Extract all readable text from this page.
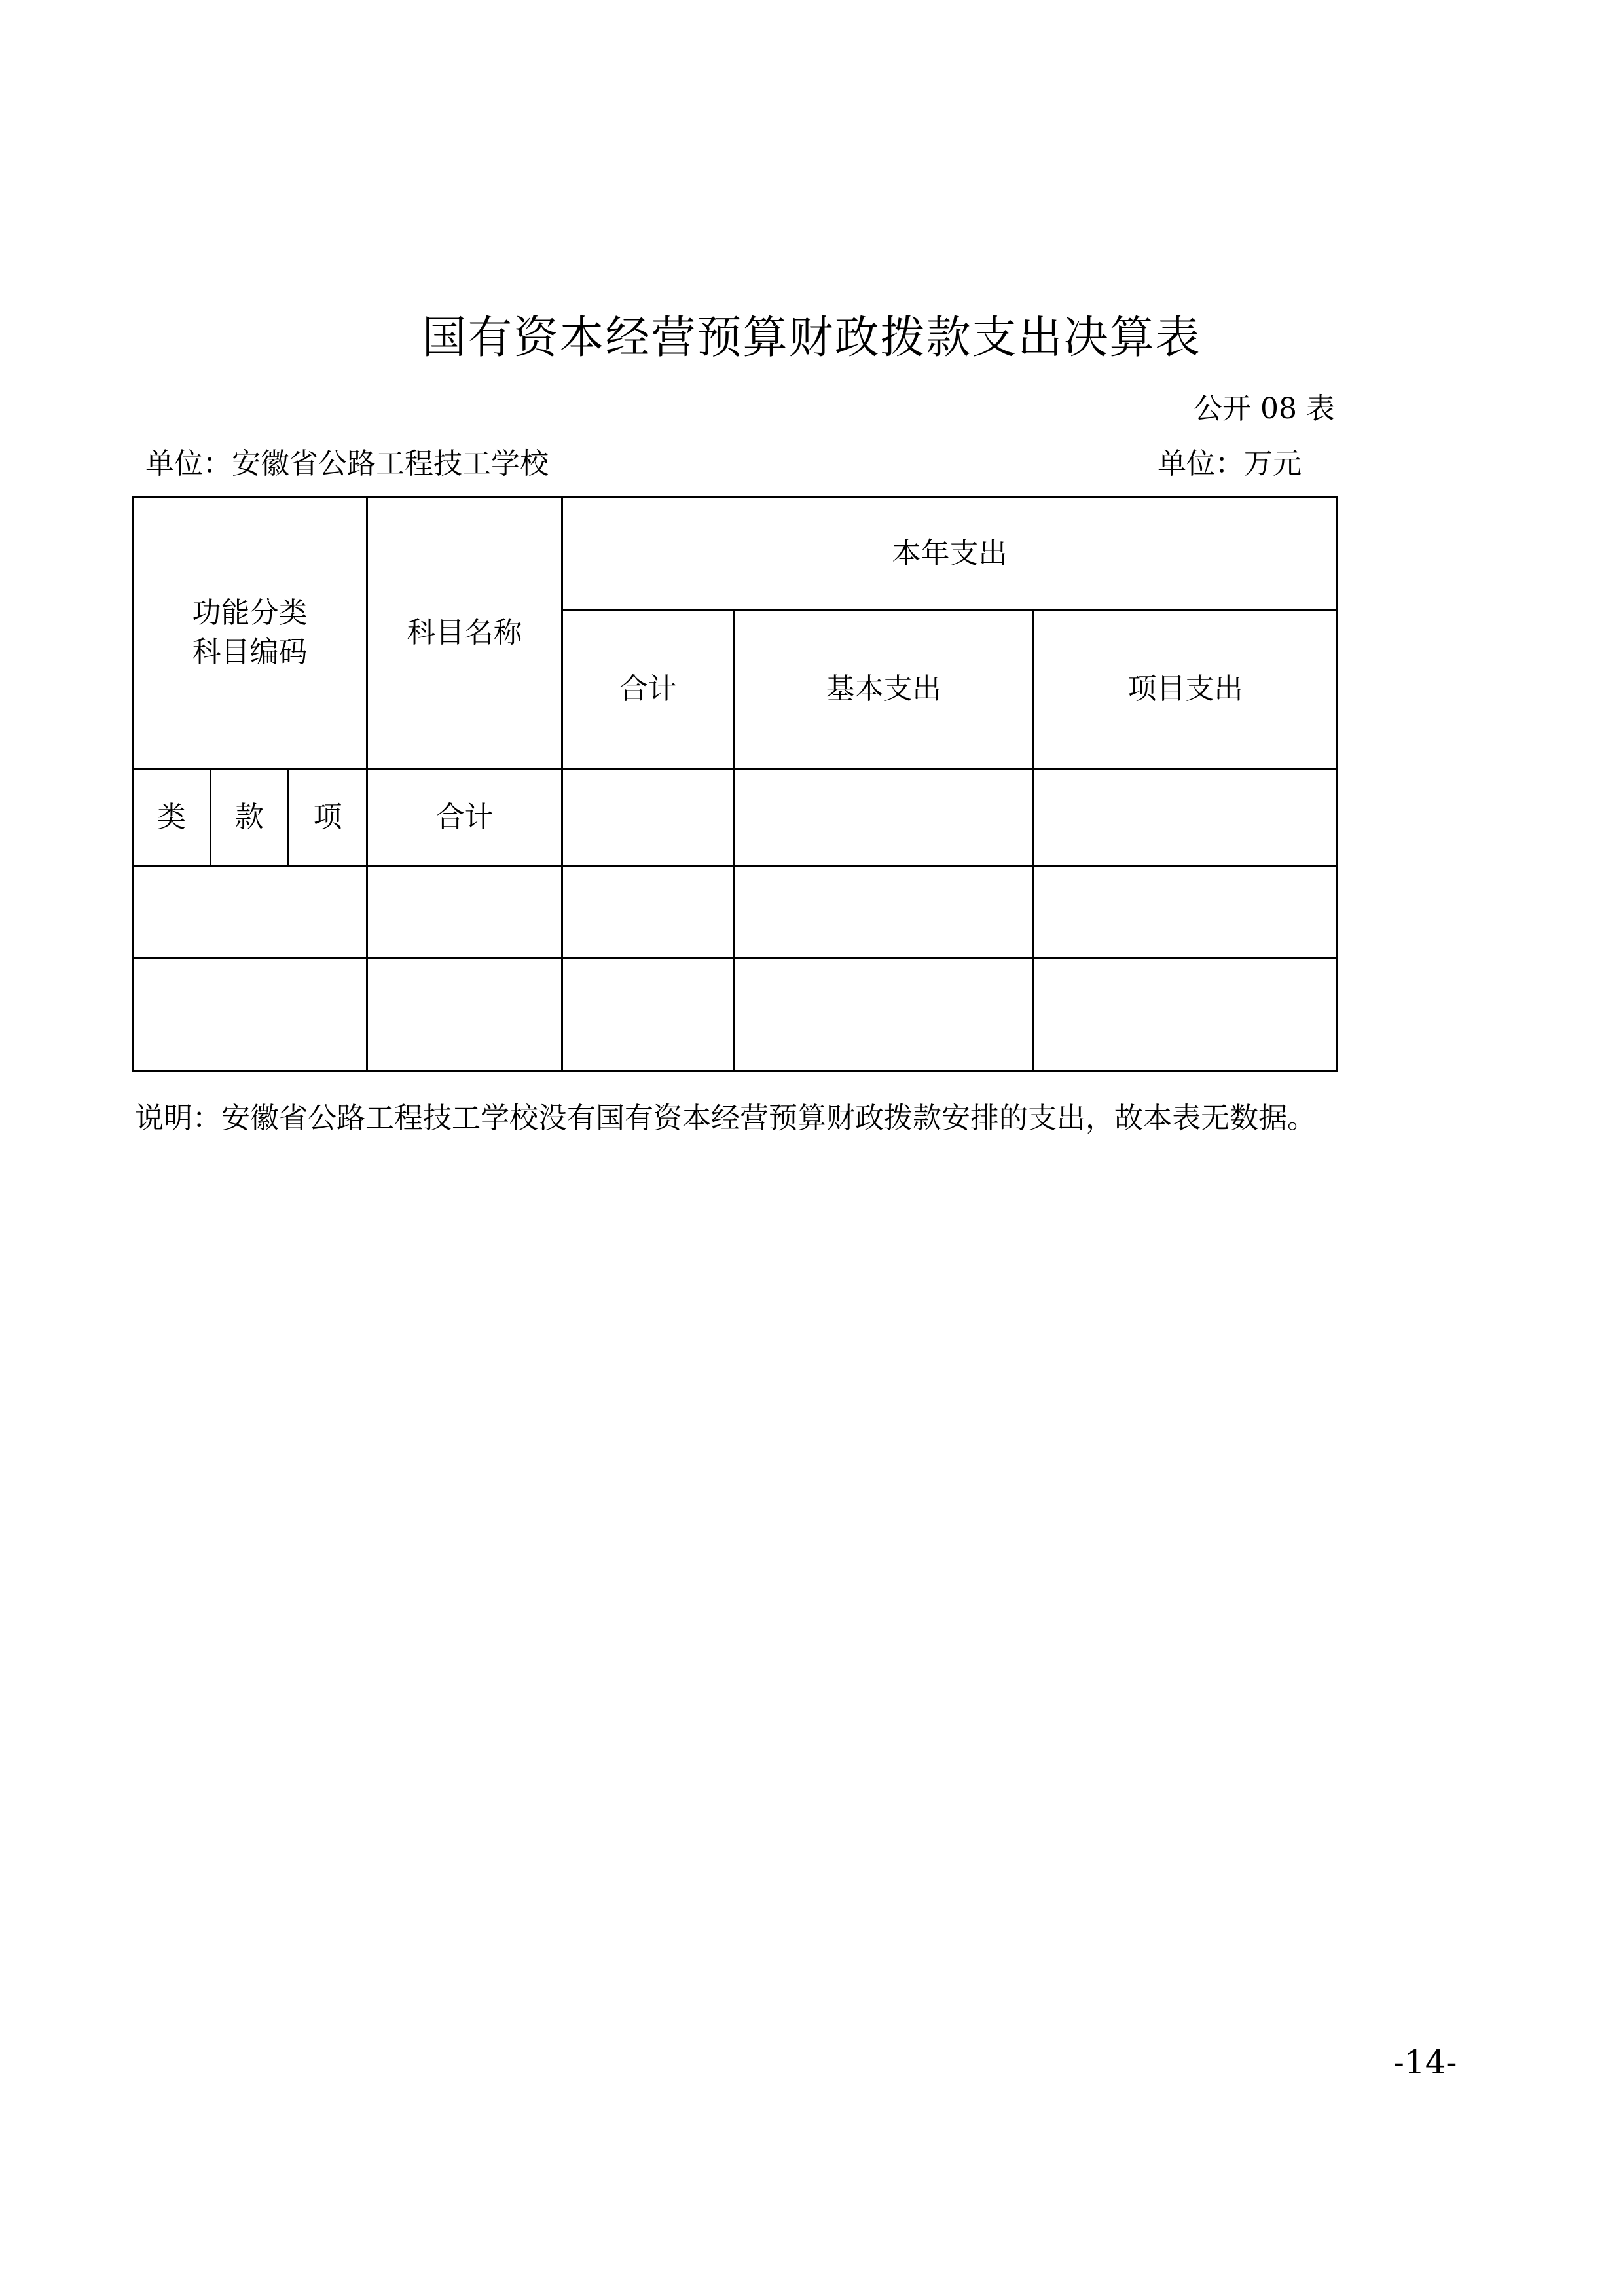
国有资本经营预算财政拨款支出决算表
公开 08 表
单位：安徽省公路工程技工学校	单位：万元
功能分类
科目编码			科目名称	本年支出		
				合计	基本支出	项目支出
类	款	项	合计			

说明：安徽省公路工程技工学校没有国有资本经营预算财政拨款安排的支出，故本表无数据。
-14-
